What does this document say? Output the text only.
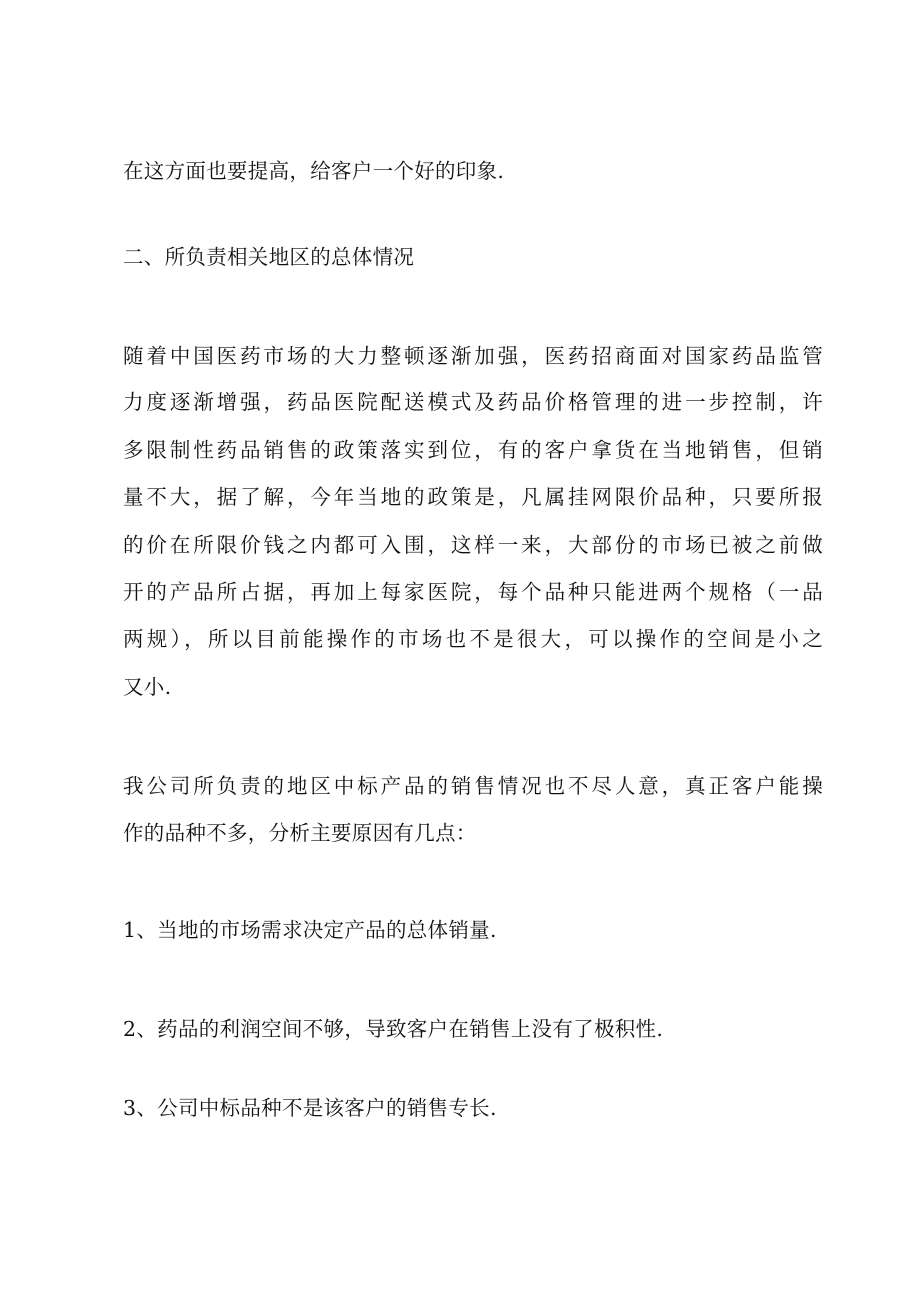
在这方面也要提高，给客户一个好的印象.
二、所负责相关地区的总体情况
随着中国医药市场的大力整顿逐渐加强，医药招商面对国家药品监管
力度逐渐增强，药品医院配送模式及药品价格管理的进一步控制，许
多限制性药品销售的政策落实到位，有的客户拿货在当地销售，但销
量不大，据了解，今年当地的政策是，凡属挂网限价品种，只要所报
的价在所限价钱之内都可入围，这样一来，大部份的市场已被之前做
开的产品所占据，再加上每家医院，每个品种只能进两个规格（一品
两规），所以目前能操作的市场也不是很大，可以操作的空间是小之
又小.
我公司所负责的地区中标产品的销售情况也不尽人意，真正客户能操
作的品种不多，分析主要原因有几点：
1、当地的市场需求决定产品的总体销量.
2、药品的利润空间不够，导致客户在销售上没有了极积性.
3、公司中标品种不是该客户的销售专长.
